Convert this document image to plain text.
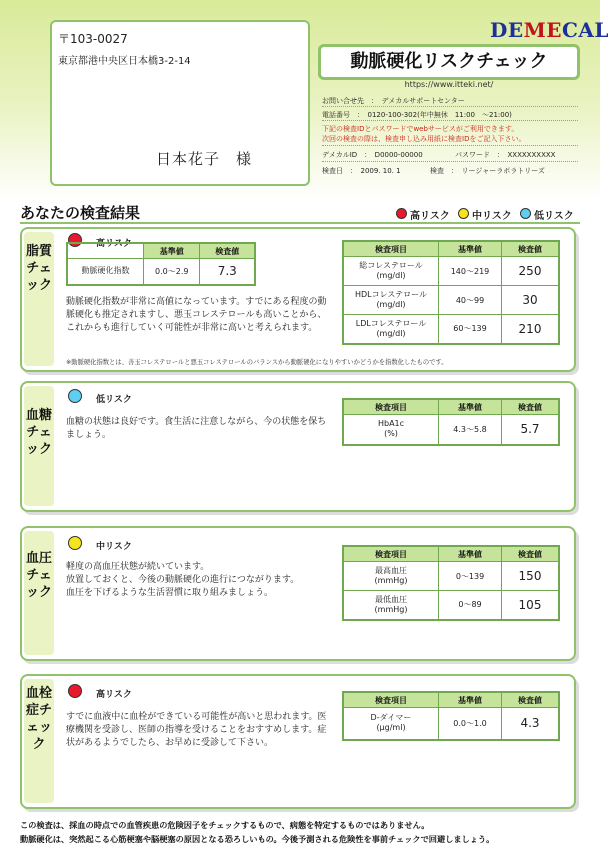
〒103-0027
東京都港中央区日本橋3-2-14
日本花子　様
DEMECAL
動脈硬化リスクチェック
https://www.itteki.net/
お問い合せ先　：　デメカルサポートセンター
電話番号　：　0120-100-302(年中無休　11:00　～21:00)
下記の検査IDとパスワードでwebサービスがご利用できます。
次回の検査の際は、検査申し込み用紙に検査IDをご記入下さい。
デメカルID　：　D0000-00000	パスワード　：　XXXXXXXXXX
検査日　：　2009. 10. 1	検査　：　リージャーラボラトリーズ
あなたの検査結果	高リスク 中リスク 低リスク
脂質チェック
高リスク
	基準値	検査値
動脈硬化指数	0.0～2.9	7.3
動脈硬化指数が非常に高値になっています。すでにある程度の動脈硬化も推定されますし、悪玉コレステロールも高いことから、これからも進行していく可能性が非常に高いと考えられます。
検査項目	基準値	検査値
総コレステロール
(mg/dl)	140～219	250
HDLコレステロール
(mg/dl)	40～99	30
LDLコレステロール
(mg/dl)	60～139	210
※動脈硬化指数とは、善玉コレステロールと悪玉コレステロールのバランスから動脈硬化になりやすいかどうかを指数化したものです。
血糖チェック
低リスク
血糖の状態は良好です。食生活に注意しながら、今の状態を保ちましょう。
検査項目	基準値	検査値
HbA1c
(%)	4.3～5.8	5.7
血圧チェック
中リスク
軽度の高血圧状態が続いています。
放置しておくと、今後の動脈硬化の進行につながります。
血圧を下げるような生活習慣に取り組みましょう。
検査項目	基準値	検査値
最高血圧
(mmHg)	0～139	150
最低血圧
(mmHg)	0～89	105
血栓症チェック
高リスク
すでに血液中に血栓ができている可能性が高いと思われます。医療機関を受診し、医師の指導を受けることをおすすめします。症状があるようでしたら、お早めに受診して下さい。
検査項目	基準値	検査値
D-ダイマー
(μg/ml)	0.0～1.0	4.3
この検査は、採血の時点での血管疾患の危険因子をチェックするもので、病態を特定するものではありません。
動脈硬化は、突然起こる心筋梗塞や脳梗塞の原因となる恐ろしいもの。今後予測される危険性を事前チェックで回避しましょう。
